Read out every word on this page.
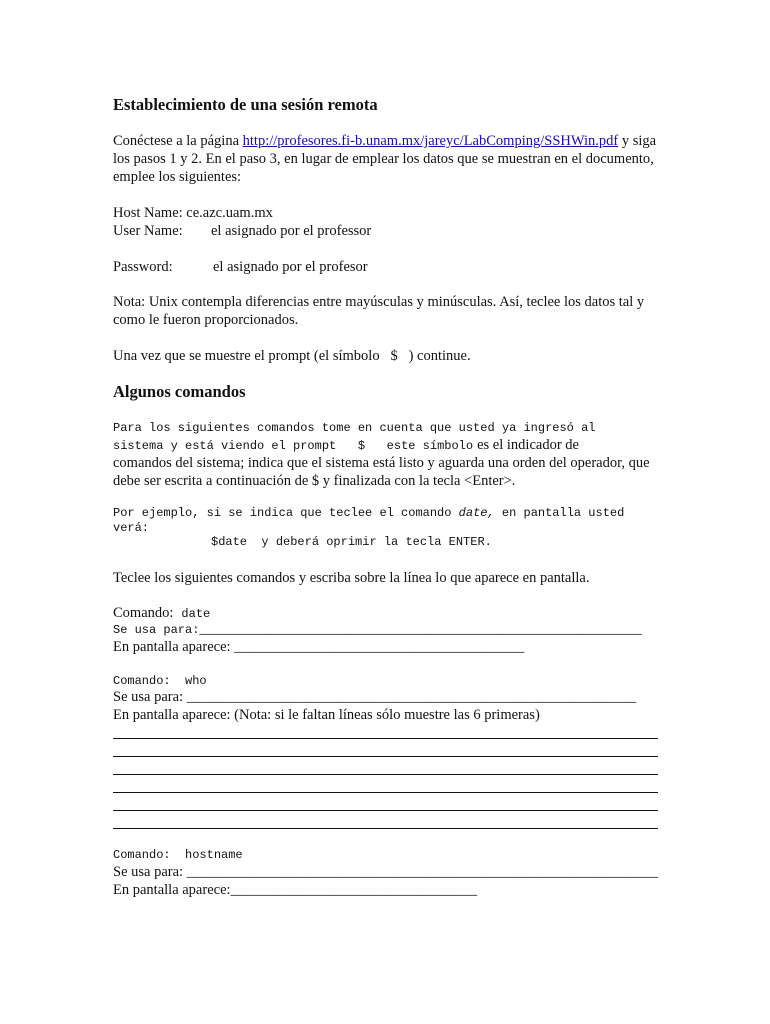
Establecimiento de una sesión remota

Conéctese a la página http://profesores.fi-b.unam.mx/jareyc/LabComping/SSHWin.pdf y siga los pasos 1 y 2. En el paso 3, en lugar de emplear los datos que se muestran en el documento, emplee los siguientes:

Host Name: ce.azc.uam.mx

User Name: el asignado por el professor

Password:	el asignado por el profesor

Nota: Unix contempla diferencias entre mayúsculas y minúsculas. Así, teclee los datos tal y como le fueron proporcionados.

Una vez que se muestre el prompt (el símbolo $ ) continue.

Algunos comandos

Para los siguientes comandos tome en cuenta que usted ya ingresó al

sistema y está viendo el prompt $ este símbolo es el indicador de

comandos del sistema; indica que el sistema está listo y aguarda una orden del operador, que debe ser escrita a continuación de $ y finalizada con la tecla <Enter>.

Por ejemplo, si se indica que teclee el comando date, en pantalla usted

verá:

$date y deberá oprimir la tecla ENTER.

Teclee los siguientes comandos y escriba sobre la línea lo que aparece en pantalla.

Comando: date

Se usa para:_____________________________________________________________

En pantalla aparece: ________________________________________

Comando: who

Se usa para: ______________________________________________________________

En pantalla aparece: (Nota: si le faltan líneas sólo muestre las 6 primeras)

Comando: hostname

Se usa para: _________________________________________________________________

En pantalla aparece:__________________________________
